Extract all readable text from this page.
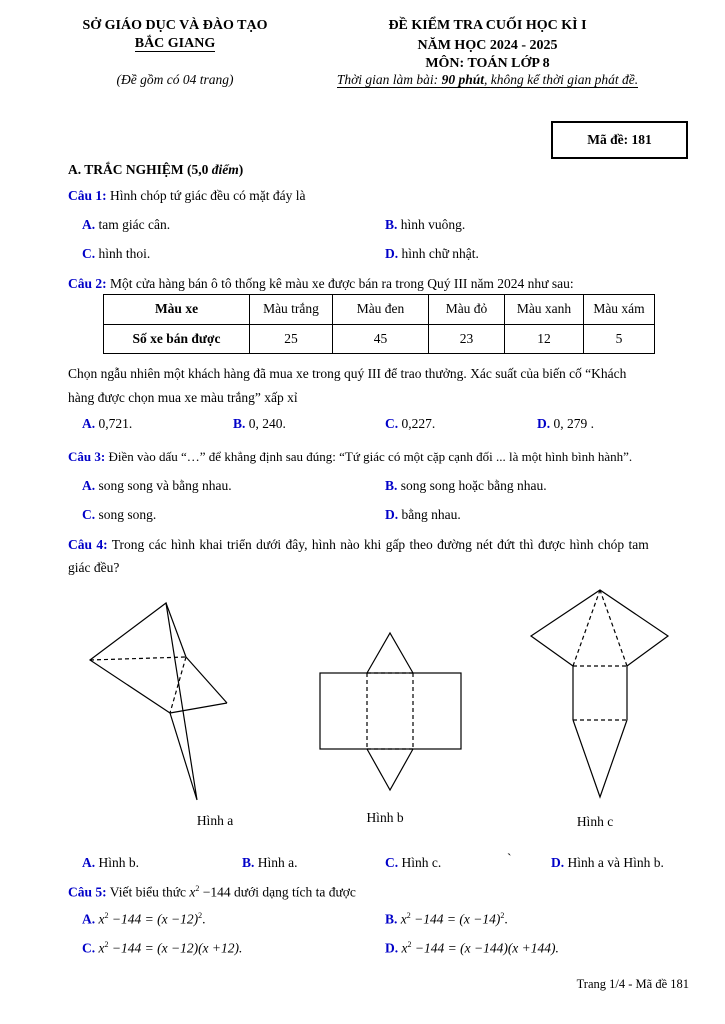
SỞ GIÁO DỤC VÀ ĐÀO TẠO
BẮC GIANG
(Đề gồm có 04 trang)
ĐỀ KIỂM TRA CUỐI HỌC KÌ I
NĂM HỌC 2024 - 2025
MÔN: TOÁN LỚP 8
Thời gian làm bài: 90 phút, không kể thời gian phát đề.
Mã đề: 181
A. TRẮC NGHIỆM (5,0 điểm)
Câu 1: Hình chóp tứ giác đều có mặt đáy là
A. tam giác cân.	B. hình vuông.
C. hình thoi.	D. hình chữ nhật.
Câu 2: Một cửa hàng bán ô tô thống kê màu xe được bán ra trong Quý III năm 2024 như sau:
Màu xe	Màu trắng	Màu đen	Màu đỏ	Màu xanh	Màu xám
Số xe bán được	25	45	23	12	5
Chọn ngẫu nhiên một khách hàng đã mua xe trong quý III để trao thưởng. Xác suất của biến cố “Khách
hàng được chọn mua xe màu trắng” xấp xỉ
A. 0,721.	B. 0, 240.	C. 0,227.	D. 0, 279 .
Câu 3: Điền vào dấu “…” để khẳng định sau đúng: “Tứ giác có một cặp cạnh đối ... là một hình bình hành”.
A. song song và bằng nhau.	B. song song hoặc bằng nhau.
C. song song.	D. bằng nhau.
Câu 4: Trong các hình khai triển dưới đây, hình nào khi gấp theo đường nét đứt thì được hình chóp tam
giác đều?
Hình a	Hình b	Hình c
A. Hình b.	B. Hình a.	C. Hình c.	`	D. Hình a và Hình b.
Câu 5: Viết biểu thức $x^2 -144$ dưới dạng tích ta được
A. $x^2 -144 = (x -12)^2$.	B. $x^2 -144 = (x -14)^2$.
C. $x^2 -144 = (x -12)(x +12)$.	D. $x^2 -144 = (x -144)(x +144)$.
Trang 1/4 - Mã đề 181
